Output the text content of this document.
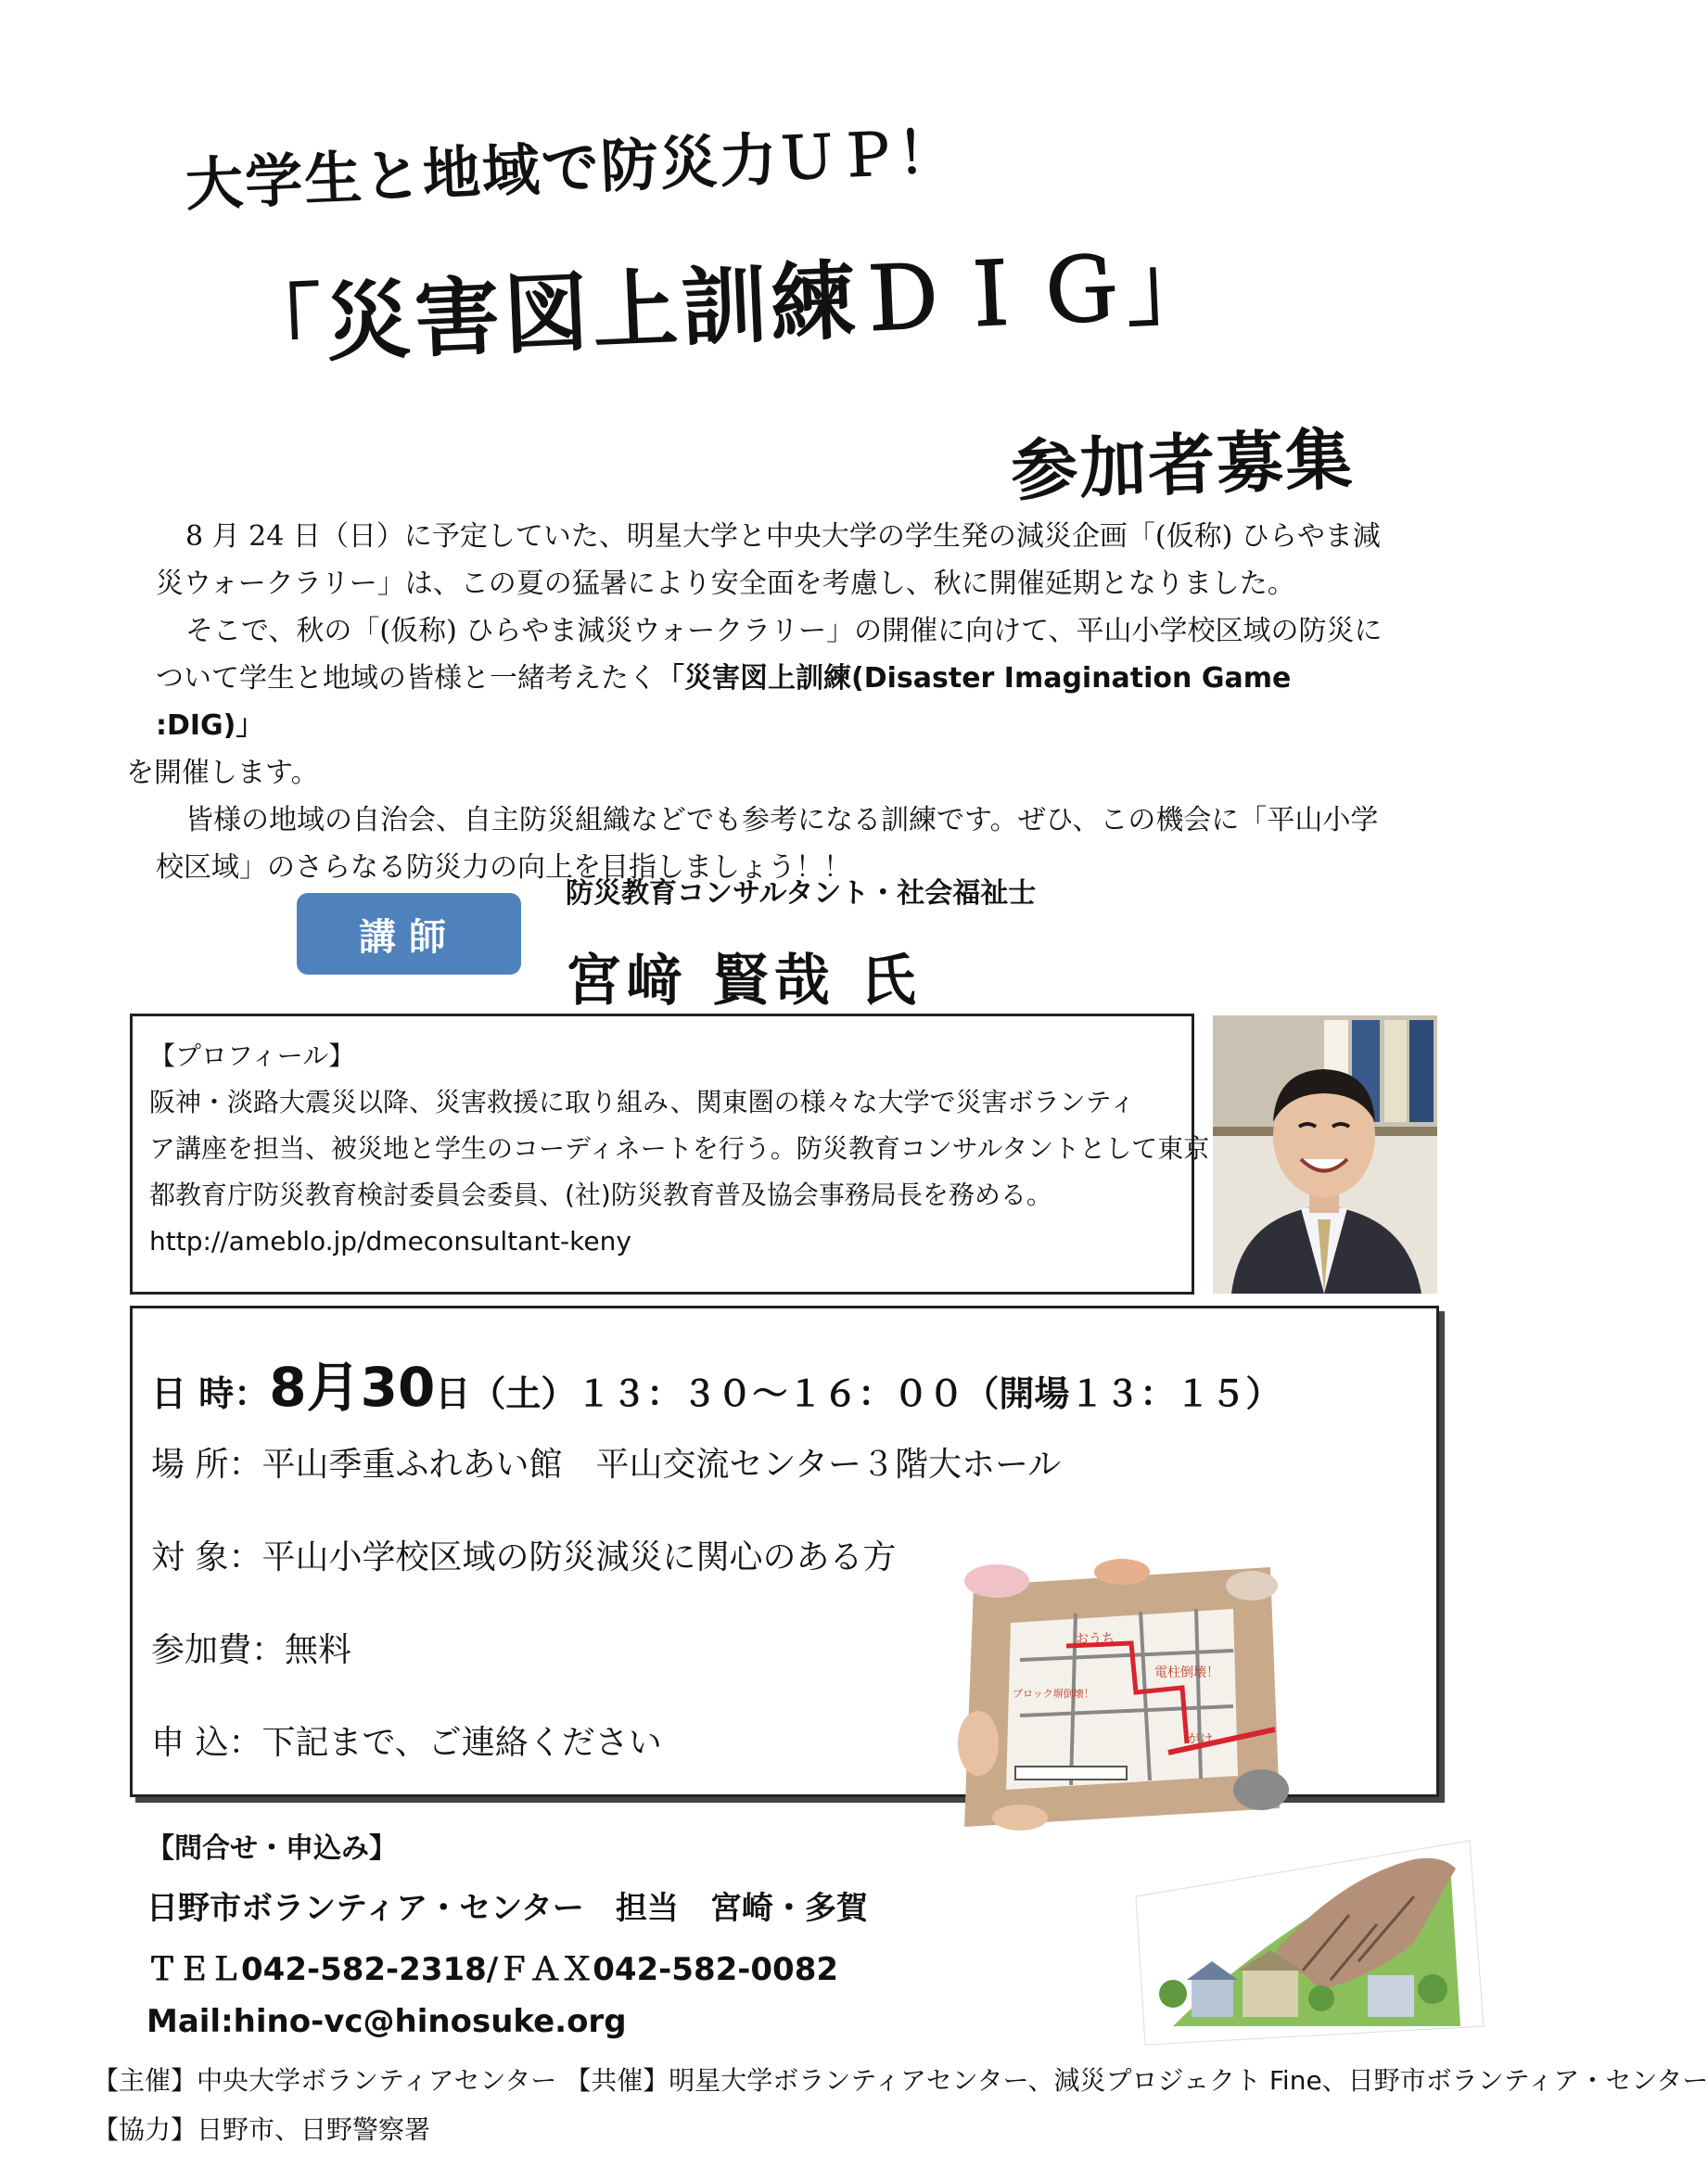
大学生と地域で防災力ＵＰ！
「災害図上訓練ＤＩＧ」
参加者募集

8 月 24 日（日）に予定していた、明星大学と中央大学の学生発の減災企画「(仮称) ひらやま減災ウォークラリー」は、この夏の猛暑により安全面を考慮し、秋に開催延期となりました。

そこで、秋の「(仮称) ひらやま減災ウォークラリー」の開催に向けて、平山小学校区域の防災について学生と地域の皆様と一緒考えたく「災害図上訓練(Disaster Imagination Game :DIG)」
を開催します。

皆様の地域の自治会、自主防災組織などでも参考になる訓練です。ぜひ、この機会に「平山小学校区域」のさらなる防災力の向上を目指しましょう！！

講師
防災教育コンサルタント・社会福祉士
宮﨑 賢哉 氏
【プロフィール】
阪神・淡路大震災以降、災害救援に取り組み、関東圏の様々な大学で災害ボランティ
ア講座を担当、被災地と学生のコーディネートを行う。防災教育コンサルタントとして東京
都教育庁防災教育検討委員会委員、(社)防災教育普及協会事務局長を務める。
http://ameblo.jp/dmeconsultant-keny
日 時：8月30日（土）１３：３０～１６：００（開場１３：１５）
場 所：平山季重ふれあい館　平山交流センター３階大ホール
対 象：平山小学校区域の防災減災に関心のある方
参加費：無料
申 込：下記まで、ご連絡ください
おうち
電柱倒壊！
ブロック塀倒壊！
がけ
【問合せ・申込み】
日野市ボランティア・センター　担当　宮崎・多賀
ＴＥＬ042-582-2318/ＦＡＸ042-582-0082
Mail:hino-vc@hinosuke.org
【主催】中央大学ボランティアセンター 【共催】明星大学ボランティアセンター、減災プロジェクト Fine、日野市ボランティア・センター
【協力】日野市、日野警察署
